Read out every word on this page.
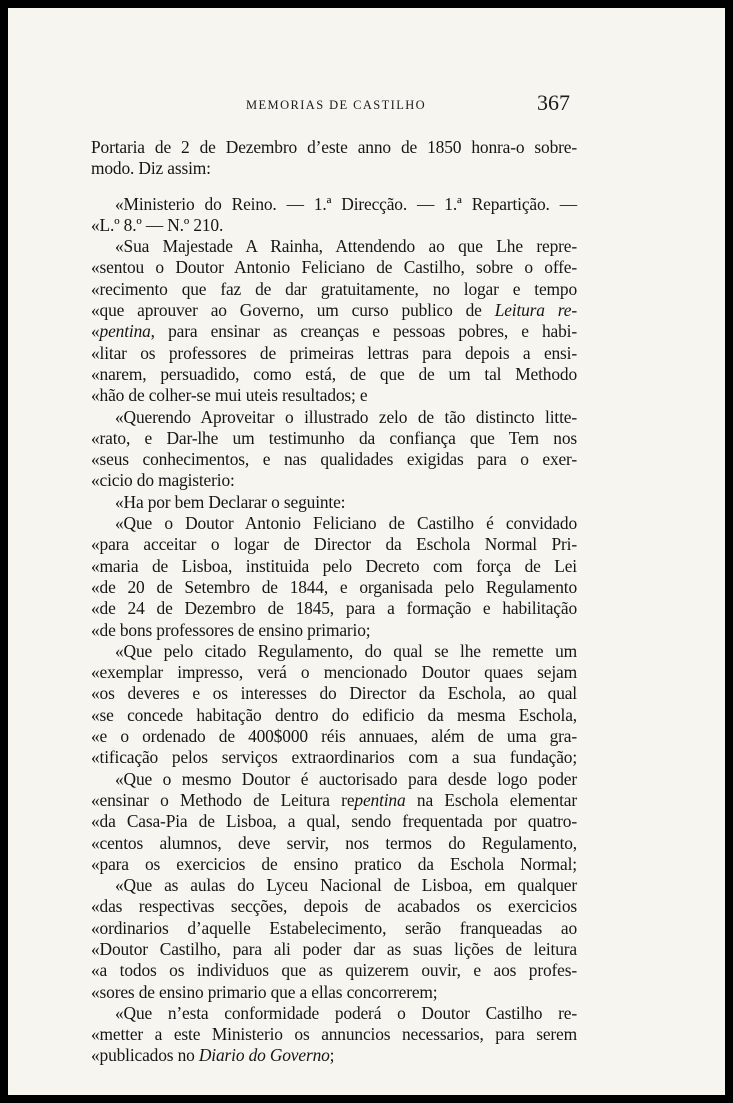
MEMORIAS DE CASTILHO	367
Portaria de 2 de Dezembro d’este anno de 1850 honra-o sobre-
modo. Diz assim:
«Ministerio do Reino. — 1.ª Direcção. — 1.ª Repartição. —
«L.º 8.º — N.º 210.
«Sua Majestade A Rainha, Attendendo ao que Lhe repre-
«sentou o Doutor Antonio Feliciano de Castilho, sobre o offe-
«recimento que faz de dar gratuitamente, no logar e tempo
«que aprouver ao Governo, um curso publico de Leitura re-
«pentina, para ensinar as creanças e pessoas pobres, e habi-
«litar os professores de primeiras lettras para depois a ensi-
«narem, persuadido, como está, de que de um tal Methodo
«hão de colher-se mui uteis resultados; e
«Querendo Aproveitar o illustrado zelo de tão distincto litte-
«rato, e Dar-lhe um testimunho da confiança que Tem nos
«seus conhecimentos, e nas qualidades exigidas para o exer-
«cicio do magisterio:
«Ha por bem Declarar o seguinte:
«Que o Doutor Antonio Feliciano de Castilho é convidado
«para acceitar o logar de Director da Eschola Normal Pri-
«maria de Lisboa, instituida pelo Decreto com força de Lei
«de 20 de Setembro de 1844, e organisada pelo Regulamento
«de 24 de Dezembro de 1845, para a formação e habilitação
«de bons professores de ensino primario;
«Que pelo citado Regulamento, do qual se lhe remette um
«exemplar impresso, verá o mencionado Doutor quaes sejam
«os deveres e os interesses do Director da Eschola, ao qual
«se concede habitação dentro do edificio da mesma Eschola,
«e o ordenado de 400$000 réis annuaes, além de uma gra-
«tificação pelos serviços extraordinarios com a sua fundação;
«Que o mesmo Doutor é auctorisado para desde logo poder
«ensinar o Methodo de Leitura repentina na Eschola elementar
«da Casa-Pia de Lisboa, a qual, sendo frequentada por quatro-
«centos alumnos, deve servir, nos termos do Regulamento,
«para os exercicios de ensino pratico da Eschola Normal;
«Que as aulas do Lyceu Nacional de Lisboa, em qualquer
«das respectivas secções, depois de acabados os exercicios
«ordinarios d’aquelle Estabelecimento, serão franqueadas ao
«Doutor Castilho, para ali poder dar as suas lições de leitura
«a todos os individuos que as quizerem ouvir, e aos profes-
«sores de ensino primario que a ellas concorrerem;
«Que n’esta conformidade poderá o Doutor Castilho re-
«metter a este Ministerio os annuncios necessarios, para serem
«publicados no Diario do Governo;
